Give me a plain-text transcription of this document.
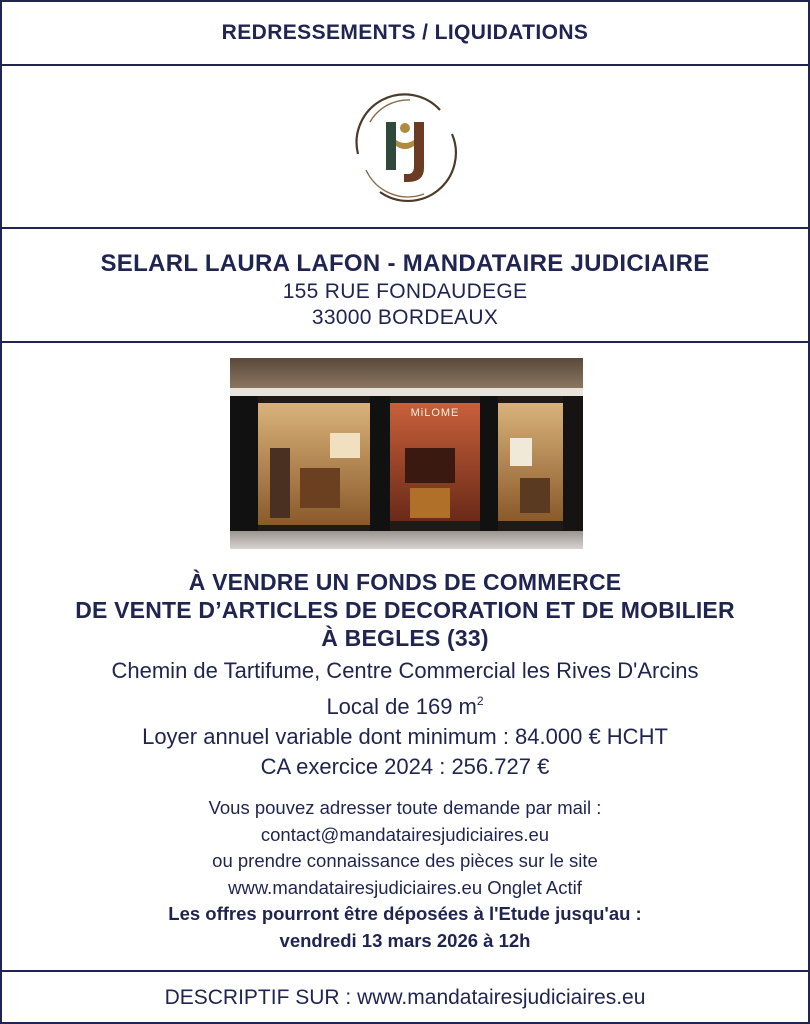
REDRESSEMENTS / LIQUIDATIONS
SELARL LAURA LAFON - MANDATAIRE JUDICIAIRE
155 RUE FONDAUDEGE
33000 BORDEAUX
MiLOME
À VENDRE UN FONDS DE COMMERCE
DE VENTE D’ARTICLES DE DECORATION ET DE MOBILIER
À BEGLES (33)
Chemin de Tartifume, Centre Commercial les Rives D'Arcins
Local de 169 $m^2$
Loyer annuel variable dont minimum : 84.000 € HCHT
CA exercice 2024 : 256.727 €
Vous pouvez adresser toute demande par mail :
contact@mandatairesjudiciaires.eu
ou prendre connaissance des pièces sur le site
www.mandatairesjudiciaires.eu Onglet Actif
Les offres pourront être déposées à l'Etude jusqu'au :
vendredi 13 mars 2026 à 12h
DESCRIPTIF SUR : www.mandatairesjudiciaires.eu
